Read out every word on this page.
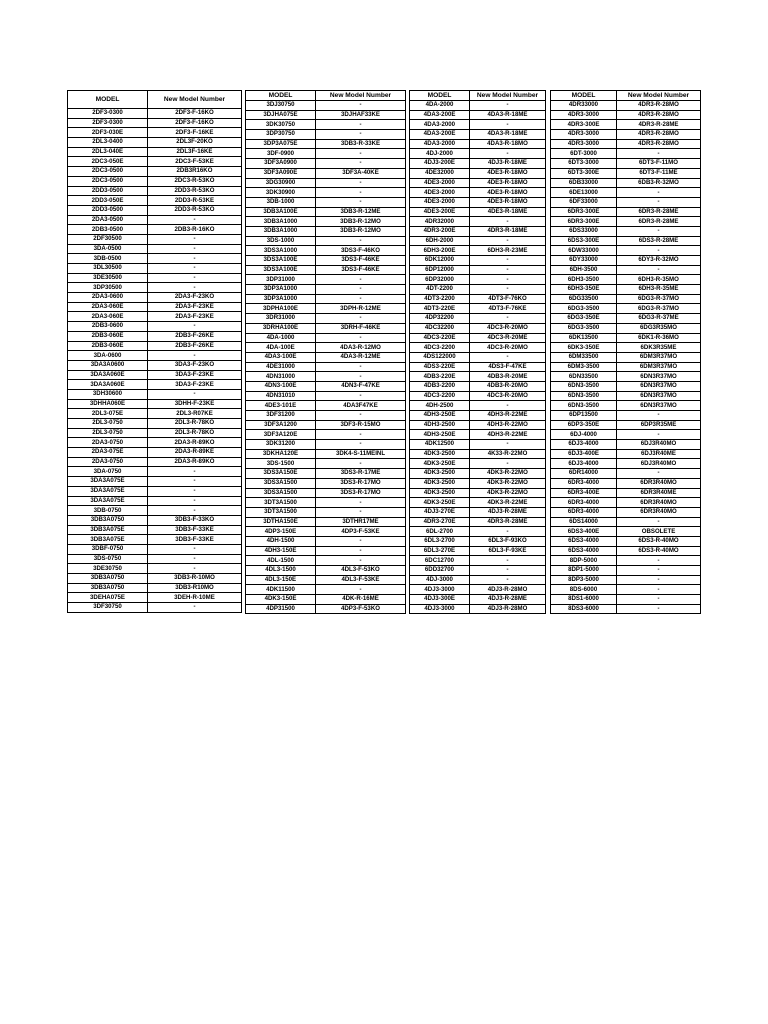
MODEL	New Model Number
2DF3-0300	2DF3-F-16KO
2DF3-0300	2DF3-F-16KO
2DF3-030E	2DF3-F-16KE
2DL3-0400	2DL3F-20KO
2DL3-040E	2DL3F-16KE
2DC3-050E	2DC3-F-53KE
2DC3-0500	2DB3R16KO
2DC3-0500	2DC3-R-53KO
2DD3-0500	2DD3-R-53KO
2DD3-050E	2DD3-R-53KE
2DD3-0500	2DD3-R-53KO
2DA3-0500	-
2DB3-0500	2DB3-R-16KO
2DF30500	-
3DA-0500	-
3DB-0500	-
3DL30500	-
3DE30500	-
3DP30500	-
2DA3-0600	2DA3-F-23KO
2DA3-060E	2DA3-F-23KE
2DA3-060E	2DA3-F-23KE
2DB3-0600	-
2DB3-060E	2DB3-F-26KE
2DB3-060E	2DB3-F-26KE
3DA-0600	-
3DA3A0600	3DA3-F-23KO
3DA3A060E	3DA3-F-23KE
3DA3A060E	3DA3-F-23KE
3DH30600	-
3DHHA060E	3DHH-F-23KE
2DL3-075E	2DL3-R07KE
2DL3-0750	2DL3-R-78KO
2DL3-0750	2DL3-R-78KO
2DA3-0750	2DA3-R-89KO
2DA3-075E	2DA3-R-89KE
2DA3-0750	2DA3-R-89KO
3DA-0750	-
3DA3A075E	-
3DA3A075E	-
3DA3A075E	-
3DB-0750	-
3DB3A0750	3DB3-F-33KO
3DB3A075E	3DB3-F-33KE
3DB3A075E	3DB3-F-33KE
3DBF-0750	-
3DS-0750	-
3DE30750	-
3DB3A0750	3DB3-R-10MO
3DB3A0750	3DB3-R10MO
3DEHA075E	3DEH-R-10ME
3DF30750	-
MODEL	New Model Number
3DJ30750	-
3DJHA075E	3DJHAF33KE
3DK30750	-
3DP30750	-
3DP3A075E	3DB3-R-33KE
3DF-0900	-
3DF3A0900	-
3DF3A090E	3DF3A-40KE
3DG30900	-
3DK30900	-
3DB-1000	-
3DB3A100E	3DB3-R-12ME
3DB3A1000	3DB3-R-12MO
3DB3A1000	3DB3-R-12MO
3DS-1000	-
3DS3A1000	3DS3-F-46KO
3DS3A100E	3DS3-F-46KE
3DS3A100E	3DS3-F-46KE
3DP31000	-
3DP3A1000	-
3DP3A1000	-
3DPHA100E	3DPH-R-12ME
3DR31000	-
3DRHA100E	3DRH-F-46KE
4DA-1000	-
4DA-100E	4DA3-R-12MO
4DA3-100E	4DA3-R-12ME
4DE31000	-
4DN31000	-
4DN3-100E	4DN3-F-47KE
4DN31010	-
4DE3-101E	4DA3F47KE
3DF31200	-
3DF3A1200	3DF3-R-15MO
3DF3A120E	-
3DK31200	-
3DKHA120E	3DK4-S-11MEINL
3DS-1500	-
3DS3A150E	3DS3-R-17ME
3DS3A1500	3DS3-R-17MO
3DS3A1500	3DS3-R-17MO
3DT3A1500	-
3DT3A1500	-
3DTHA150E	3DTHR17ME
4DP3-150E	4DP3-F-53KE
4DH-1500	-
4DH3-150E	-
4DL-1500	-
4DL3-1500	4DL3-F-53KO
4DL3-150E	4DL3-F-53KE
4DK11500	-
4DK3-150E	4DK-R-16ME
4DP31500	4DP3-F-53KO
MODEL	New Model Number
4DA-2000	-
4DA3-200E	4DA3-R-18ME
4DA3-2000	-
4DA3-200E	4DA3-R-18ME
4DA3-2000	4DA3-R-18MO
4DJ-2000	-
4DJ3-200E	4DJ3-R-18ME
4DE32000	4DE3-R-18MO
4DE3-2000	4DE3-R-18MO
4DE3-2000	4DE3-R-18MO
4DE3-2000	4DE3-R-18MO
4DE3-200E	4DE3-R-18ME
4DR32000	-
4DR3-200E	4DR3-R-18ME
6DH-2000	-
6DH3-200E	6DH3-R-23ME
6DK12000	-
6DP12000	-
6DP32000	-
4DT-2200	-
4DT3-2200	4DT3-F-76KO
4DT3-220E	4DT3-F-76KE
4DP32200	-
4DC32200	4DC3-R-20MO
4DC3-220E	4DC3-R-20ME
4DC3-2200	4DC3-R-20MO
4DS122000	-
4DS3-220E	4DS3-F-47KE
4DB3-220E	4DB3-R-20ME
4DB3-2200	4DB3-R-20MO
4DC3-2200	4DC3-R-20MO
4DH-2500	-
4DH3-250E	4DH3-R-22ME
4DH3-2500	4DH3-R-22MO
4DH3-250E	4DH3-R-22ME
4DK12500	-
4DK3-2500	4K33-R-22MO
4DK3-250E	-
4DK3-2500	4DK3-R-22MO
4DK3-2500	4DK3-R-22MO
4DK3-2500	4DK3-R-22MO
4DK3-250E	4DK3-R-22ME
4DJ3-270E	4DJ3-R-28ME
4DR3-270E	4DR3-R-28ME
6DL-2700	-
6DL3-2700	6DL3-F-93KO
6DL3-270E	6DL3-F-93KE
6DC12700	-
6DD32700	-
4DJ-3000	-
4DJ3-3000	4DJ3-R-28MO
4DJ3-300E	4DJ3-R-28ME
4DJ3-3000	4DJ3-R-28MO
MODEL	New Model Number
4DR33000	4DR3-R-28MO
4DR3-3000	4DR3-R-28MO
4DR3-300E	4DR3-R-28ME
4DR3-3000	4DR3-R-28MO
4DR3-3000	4DR3-R-28MO
6DT-3000	-
6DT3-3000	6DT3-F-11MO
6DT3-300E	6DT3-F-11ME
6DB33000	6DB3-R-32MO
6DE13000	-
6DF33000	-
6DR3-300E	6DR3-R-28ME
6DR3-300E	6DR3-R-28ME
6DS33000	-
6DS3-300E	6DS3-R-28ME
6DW33000	-
6DY33000	6DY3-R-32MO
6DH-3500	-
6DH3-3500	6DH3-R-35MO
6DH3-350E	6DH3-R-35ME
6DG33500	6DG3-R-37MO
6DG3-3500	6DG3-R-37MO
6DG3-350E	6DG3-R-37ME
6DG3-3500	6DG3R35MO
6DK13500	6DK1-R-36MO
6DK3-350E	6DK3R35ME
6DM33500	6DM3R37MO
6DM3-3500	6DM3R37MO
6DN33500	6DN3R37MO
6DN3-3500	6DN3R37MO
6DN3-3500	6DN3R37MO
6DN3-3500	6DN3R37MO
6DP13500	-
6DP3-350E	6DP3R35ME
6DJ-4000	-
6DJ3-4000	6DJ3R40MO
6DJ3-400E	6DJ3R40ME
6DJ3-4000	6DJ3R40MO
6DR14000	-
6DR3-4000	6DR3R40MO
6DR3-400E	6DR3R40ME
6DR3-4000	6DR3R40MO
6DR3-4000	6DR3R40MO
6DS14000	-
6DS3-400E	OBSOLETE
6DS3-4000	6DS3-R-40MO
6DS3-4000	6DS3-R-40MO
8DP-5000	-
8DP1-5000	-
8DP3-5000	-
8DS-6000	-
8DS1-6000	-
8DS3-6000	-
